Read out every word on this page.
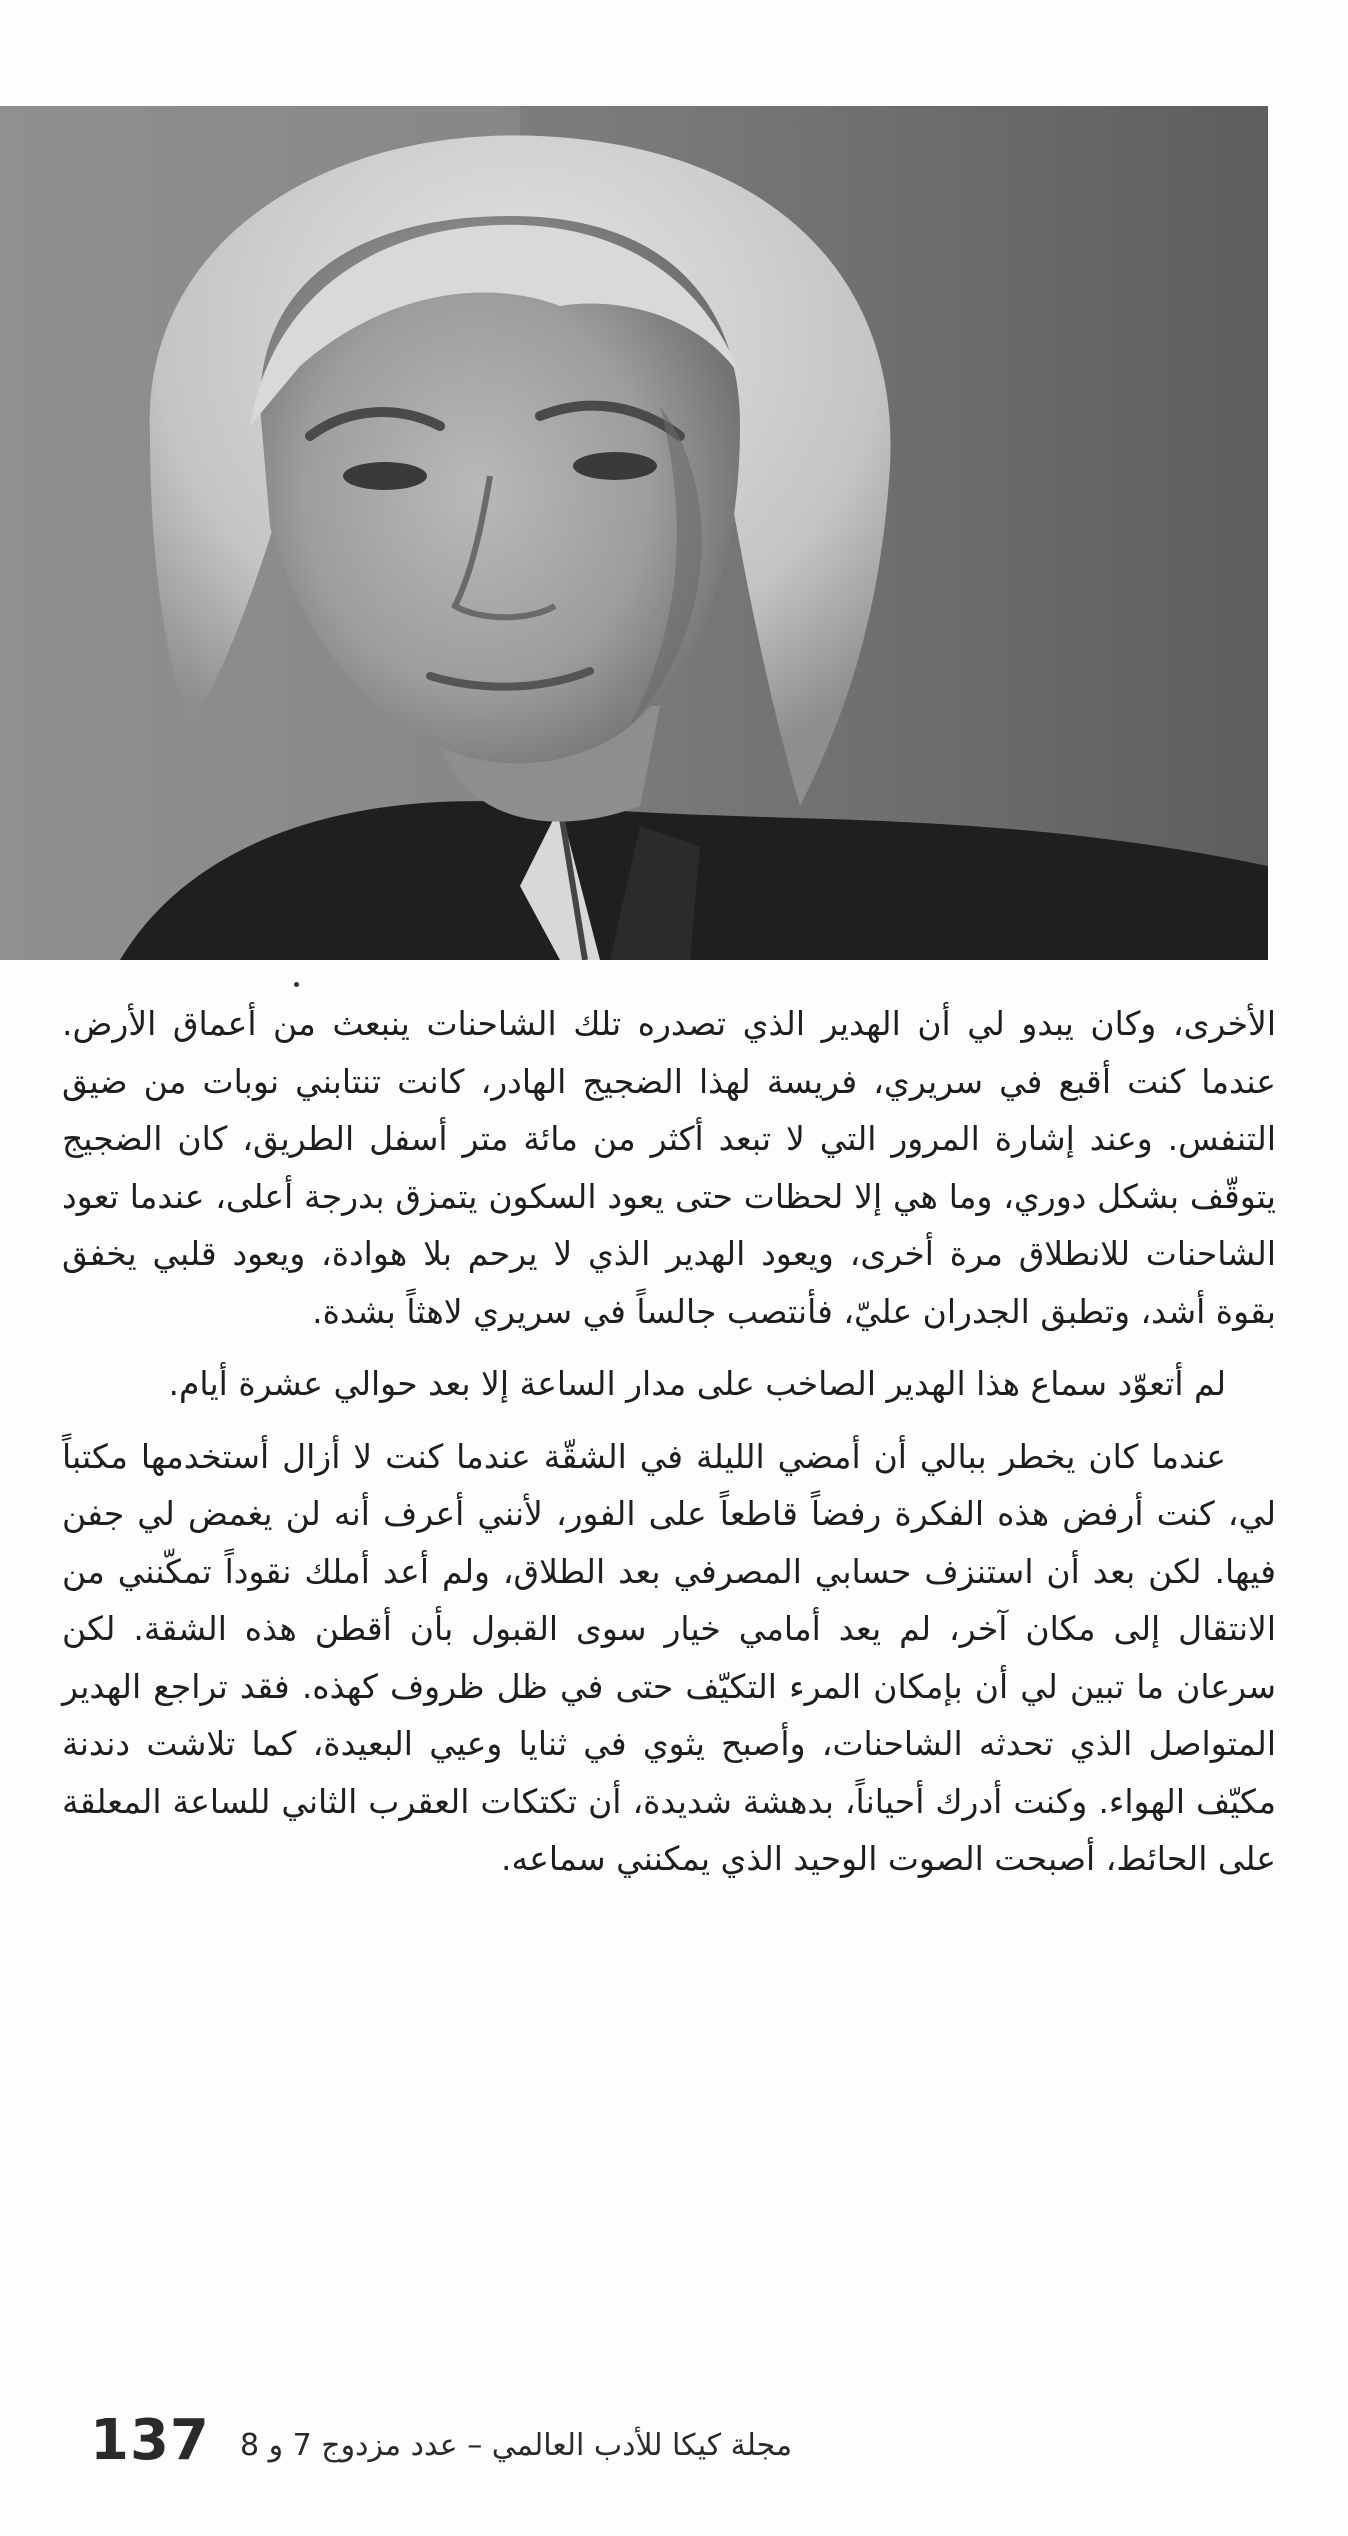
الأخرى، وكان يبدو لي أن الهدير الذي تصدره تلك الشاحنات ينبعث من أعماق الأرض. عندما كنت أقبع في سريري، فريسة لهذا الضجيج الهادر، كانت تنتابني نوبات من ضيق التنفس. وعند إشارة المرور التي لا تبعد أكثر من مائة متر أسفل الطريق، كان الضجيج يتوقّف بشكل دوري، وما هي إلا لحظات حتى يعود السكون يتمزق بدرجة أعلى، عندما تعود الشاحنات للانطلاق مرة أخرى، ويعود الهدير الذي لا يرحم بلا هوادة، ويعود قلبي يخفق بقوة أشد، وتطبق الجدران عليّ، فأنتصب جالساً في سريري لاهثاً بشدة.

لم أتعوّد سماع هذا الهدير الصاخب على مدار الساعة إلا بعد حوالي عشرة أيام.

عندما كان يخطر ببالي أن أمضي الليلة في الشقّة عندما كنت لا أزال أستخدمها مكتباً لي، كنت أرفض هذه الفكرة رفضاً قاطعاً على الفور، لأنني أعرف أنه لن يغمض لي جفن فيها. لكن بعد أن استنزف حسابي المصرفي بعد الطلاق، ولم أعد أملك نقوداً تمكّنني من الانتقال إلى مكان آخر، لم يعد أمامي خيار سوى القبول بأن أقطن هذه الشقة. لكن سرعان ما تبين لي أن بإمكان المرء التكيّف حتى في ظل ظروف كهذه. فقد تراجع الهدير المتواصل الذي تحدثه الشاحنات، وأصبح يثوي في ثنايا وعيي البعيدة، كما تلاشت دندنة مكيّف الهواء. وكنت أدرك أحياناً، بدهشة شديدة، أن تكتكات العقرب الثاني للساعة المعلقة على الحائط، أصبحت الصوت الوحيد الذي يمكنني سماعه.

137 مجلة كيكا للأدب العالمي – عدد مزدوج 7 و 8
